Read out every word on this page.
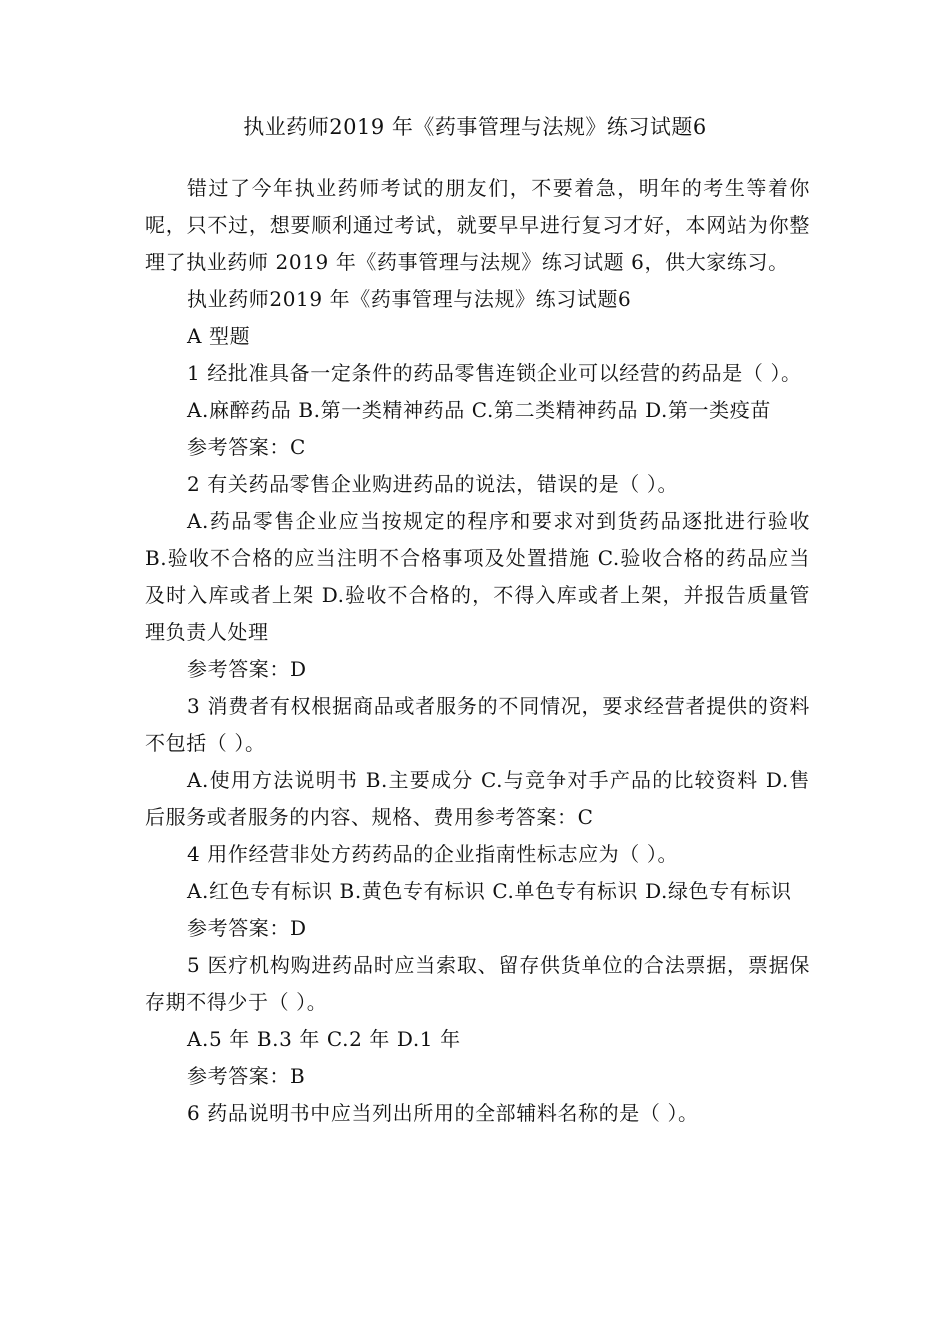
执业药师2019 年《药事管理与法规》练习试题6

错过了今年执业药师考试的朋友们，不要着急，明年的考生等着你呢，只不过，想要顺利通过考试，就要早早进行复习才好，本网站为你整理了执业药师 2019 年《药事管理与法规》练习试题 6，供大家练习。

执业药师2019 年《药事管理与法规》练习试题6

A 型题

1 经批准具备一定条件的药品零售连锁企业可以经营的药品是（ ）。

A.麻醉药品 B.第一类精神药品 C.第二类精神药品 D.第一类疫苗

参考答案：C

2 有关药品零售企业购进药品的说法，错误的是（ ）。

A.药品零售企业应当按规定的程序和要求对到货药品逐批进行验收 B.验收不合格的应当注明不合格事项及处置措施 C.验收合格的药品应当及时入库或者上架 D.验收不合格的，不得入库或者上架，并报告质量管理负责人处理

参考答案：D

3 消费者有权根据商品或者服务的不同情况，要求经营者提供的资料不包括（ ）。

A.使用方法说明书 B.主要成分 C.与竞争对手产品的比较资料 D.售后服务或者服务的内容、规格、费用参考答案：C

4 用作经营非处方药药品的企业指南性标志应为（ ）。

A.红色专有标识 B.黄色专有标识 C.单色专有标识 D.绿色专有标识

参考答案：D

5 医疗机构购进药品时应当索取、留存供货单位的合法票据，票据保存期不得少于（ ）。

A.5 年 B.3 年 C.2 年 D.1 年

参考答案：B

6 药品说明书中应当列出所用的全部辅料名称的是（ ）。
